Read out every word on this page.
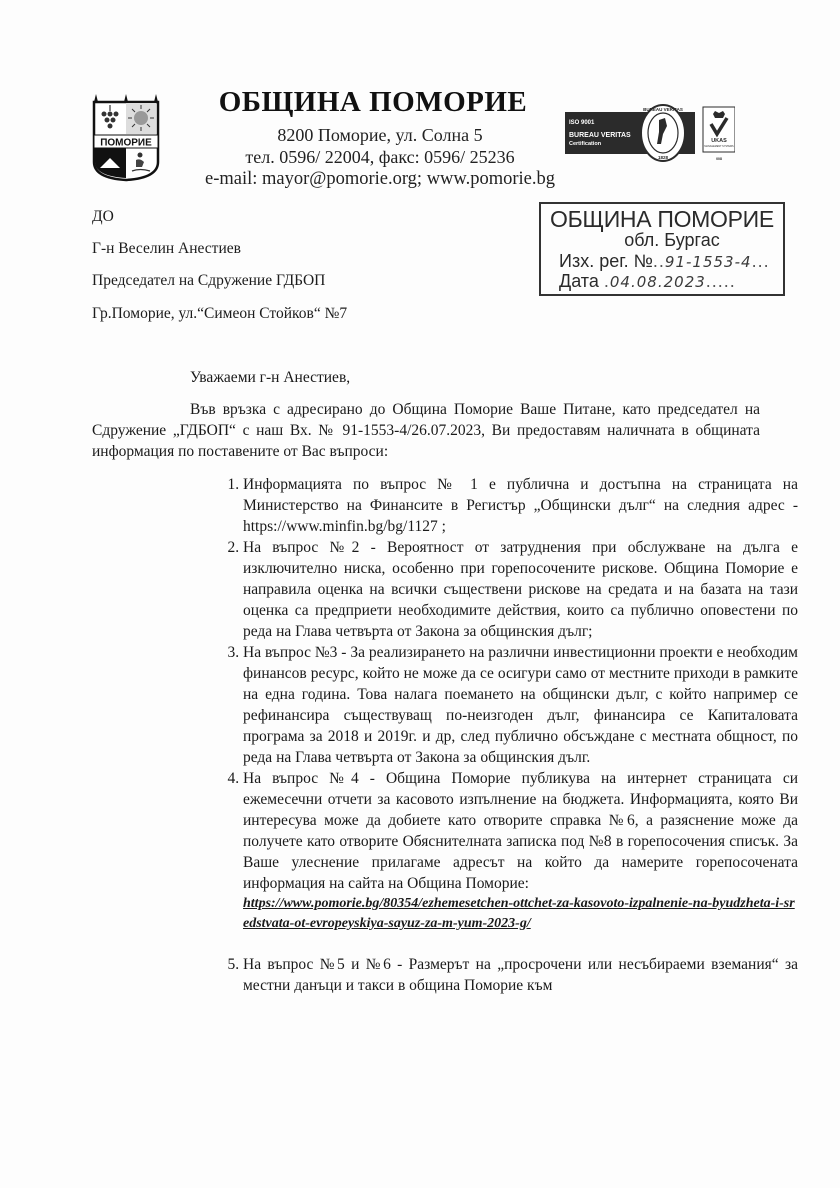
ПОМОРИЕ
ОБЩИНА ПОМОРИЕ
8200 Поморие, ул. Солна 5
тел. 0596/ 22004, факс: 0596/ 25236
e-mail: mayor@pomorie.org; www.pomorie.bg
ISO 9001
BUREAU VERITAS
Certification
BUREAU VERITAS
1828
UKAS
MANAGEMENT SYSTEMS
008
ОБЩИНА ПОМОРИЕ
обл. Бургас
Изх. рег. №..91-1553-4...
Дата .04.08.2023.....
ДО
Г-н Веселин Анестиев
Председател на Сдружение ГДБОП
Гр.Поморие, ул.“Симеон Стойков“ №7
Уважаеми г-н Анестиев,
Във връзка с адресирано до Община Поморие Ваше Питане, като председател на Сдружение „ГДБОП“ с наш Вх. № 91-1553-4/26.07.2023, Ви предоставям наличната в общината информация по поставените от Вас въпроси:
1. Информацията по въпрос № 1 е публична и достъпна на страницата на Министерство на Финансите в Регистър „Общински дълг“ на следния адрес - https://www.minfin.bg/bg/1127 ;
2. На въпрос №2 - Вероятност от затруднения при обслужване на дълга е изключително ниска, особенно при горепосочените рискове. Община Поморие е направила оценка на всички съществени рискове на средата и на базата на тази оценка са предприети необходимите действия, които са публично оповестени по реда на Глава четвърта от Закона за общинския дълг;
3. На въпрос №3 - За реализирането на различни инвестиционни проекти е необходим финансов ресурс, който не може да се осигури само от местните приходи в рамките на една година. Това налага поемането на общински дълг, с който например се рефинансира съществуващ по-неизгоден дълг, финансира се Капиталовата програма за 2018 и 2019г. и др, след публично обсъждане с местната общност, по реда на Глава четвърта от Закона за общинския дълг.
4. На въпрос №4 - Община Поморие публикува на интернет страницата си ежемесечни отчети за касовото изпълнение на бюджета. Информацията, която Ви интересува може да добиете като отворите справка №6, а разяснение може да получете като отворите Обяснителната записка под №8 в горепосочения списък. За Ваше улеснение прилагаме адресът на който да намерите горепосочената информация на сайта на Община Поморие:
https://www.pomorie.bg/80354/ezhemesetchen-ottchet-za-kasovoto-izpalnenie-na-byudzheta-i-sredstvata-ot-evropeyskiya-sayuz-za-m-yum-2023-g/
5. На въпрос №5 и №6 - Размерът на „просрочени или несъбираеми вземания“ за местни данъци и такси в община Поморие към
